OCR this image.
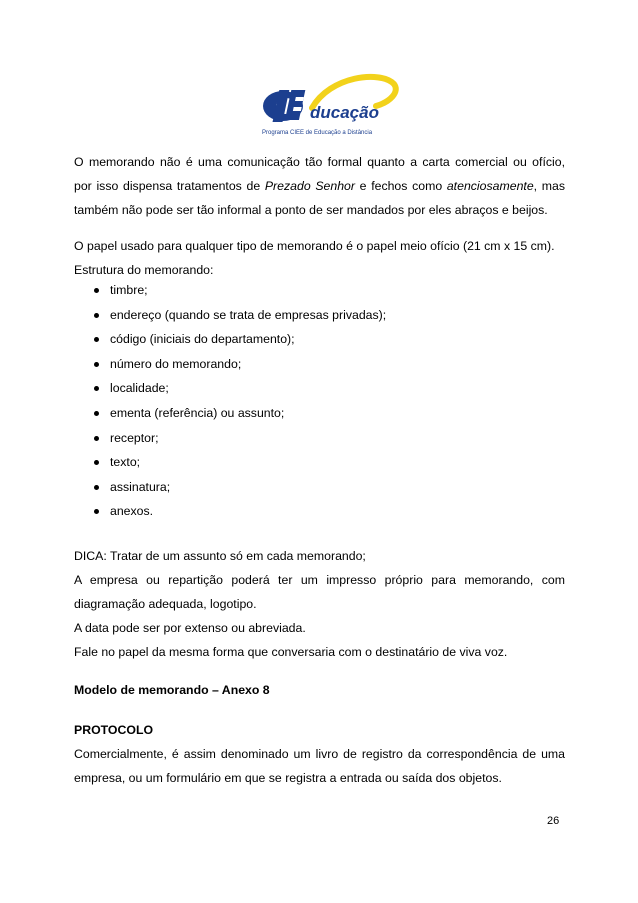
ducação
Programa CIEE de Educação a Distância
O memorando não é uma comunicação tão formal quanto a carta comercial ou ofício,
por isso dispensa tratamentos de Prezado Senhor e fechos como atenciosamente, mas
também não pode ser tão informal a ponto de ser mandados por eles abraços e beijos.
O papel usado para qualquer tipo de memorando é o papel meio ofício (21 cm x 15 cm).
Estrutura do memorando:
timbre;
endereço (quando se trata de empresas privadas);
código (iniciais do departamento);
número do memorando;
localidade;
ementa (referência) ou assunto;
receptor;
texto;
assinatura;
anexos.
DICA: Tratar de um assunto só em cada memorando;
A empresa ou repartição poderá ter um impresso próprio para memorando, com
diagramação adequada, logotipo.
A data pode ser por extenso ou abreviada.
Fale no papel da mesma forma que conversaria com o destinatário de viva voz.
Modelo de memorando – Anexo 8
PROTOCOLO
Comercialmente, é assim denominado um livro de registro da correspondência de uma
empresa, ou um formulário em que se registra a entrada ou saída dos objetos.
26
